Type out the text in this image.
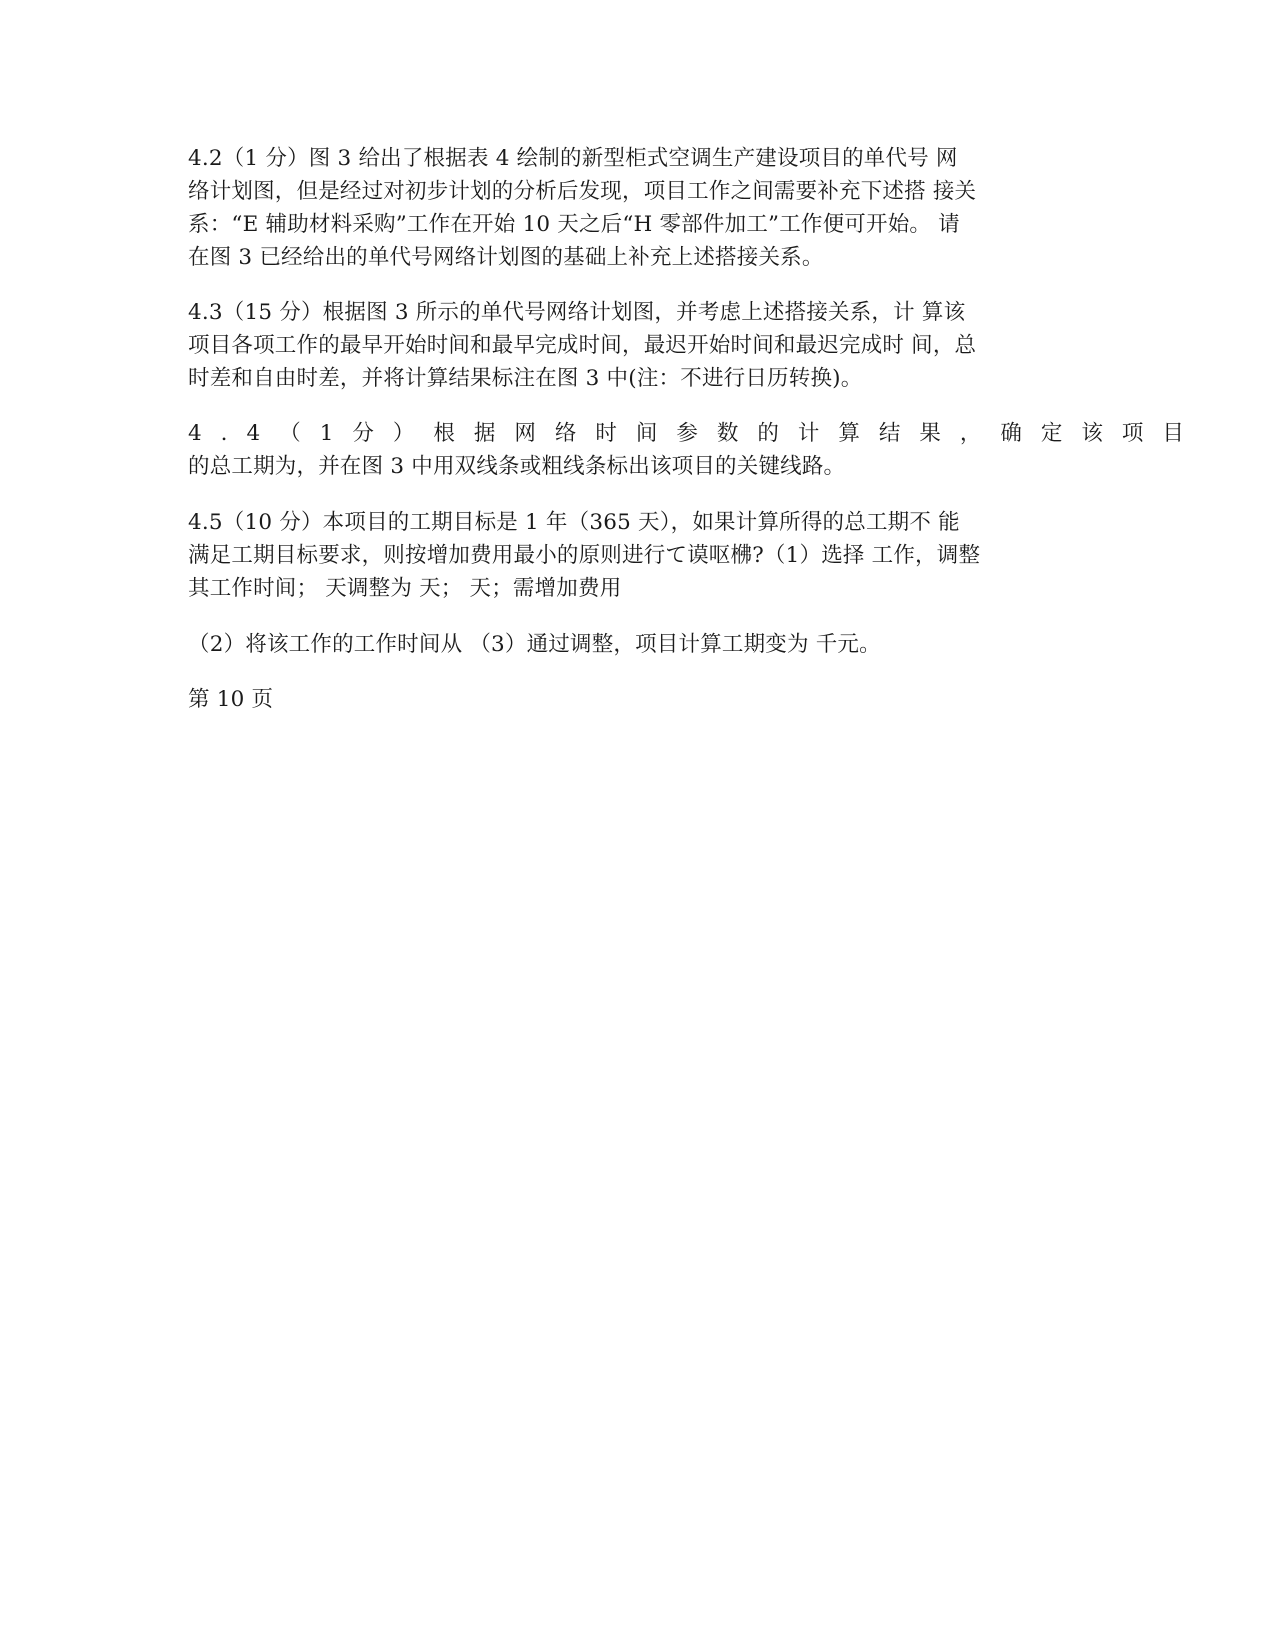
4.2（1 分）图 3 给出了根据表 4 绘制的新型柜式空调生产建设项目的单代号 网
络计划图，但是经过对初步计划的分析后发现，项目工作之间需要补充下述搭 接关
系：“E 辅助材料采购”工作在开始 10 天之后“H 零部件加工”工作便可开始。 请
在图 3 已经给出的单代号网络计划图的基础上补充上述搭接关系。
4.3（15 分）根据图 3 所示的单代号网络计划图，并考虑上述搭接关系，计 算该
项目各项工作的最早开始时间和最早完成时间，最迟开始时间和最迟完成时 间，总
时差和自由时差，并将计算结果标注在图 3 中(注：不进行日历转换)。
4.4（1分）根据网络时间参数的计算结果，确定该项目
的总工期为，并在图 3 中用双线条或粗线条标出该项目的关键线路。
4.5（10 分）本项目的工期目标是 1 年（365 天），如果计算所得的总工期不 能
满足工期目标要求，则按增加费用最小的原则进行て谟呕梻?（1）选择 工作，调整
其工作时间； 天调整为 天； 天；需增加费用
（2）将该工作的工作时间从 （3）通过调整，项目计算工期变为 千元。
第 10 页
